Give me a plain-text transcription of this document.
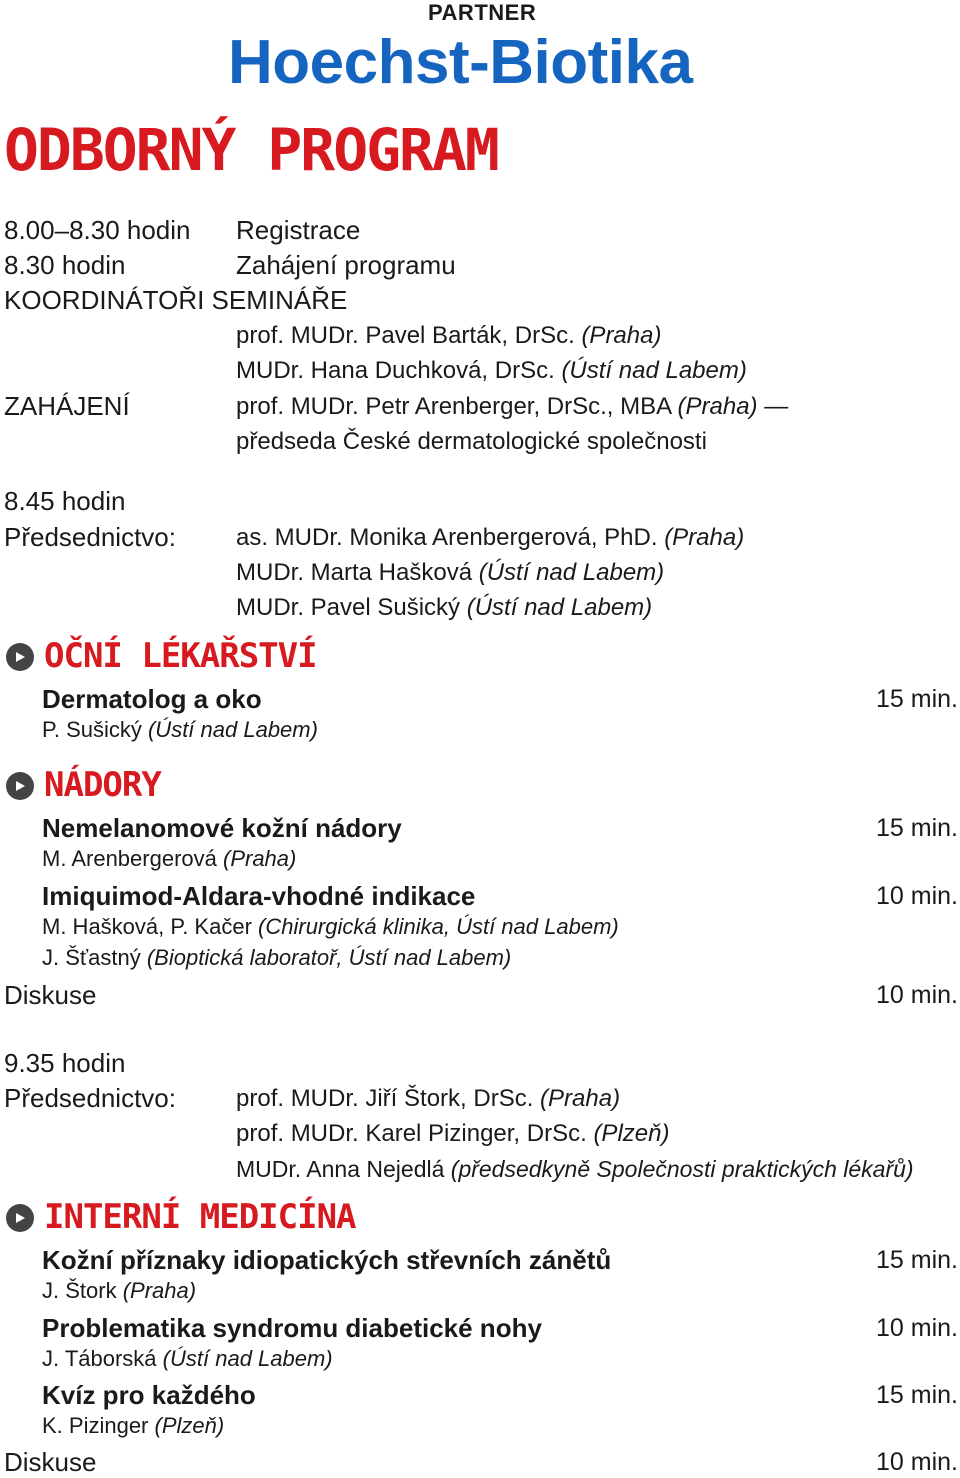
PARTNER
Hoechst-Biotika
ODBORNÝ PROGRAM
8.00–8.30 hodin Registrace
8.30 hodin	Zahájení programu
KOORDINÁTOŘI SEMINÁŘE
prof. MUDr. Pavel Barták, DrSc. (Praha)
MUDr. Hana Duchková, DrSc. (Ústí nad Labem)
ZAHÁJENÍ	prof. MUDr. Petr Arenberger, DrSc., MBA (Praha) —
předseda České dermatologické společnosti
8.45 hodin
Předsednictvo:	as. MUDr. Monika Arenbergerová, PhD. (Praha)
MUDr. Marta Hašková (Ústí nad Labem)
MUDr. Pavel Sušický (Ústí nad Labem)
OČNÍ LÉKAŘSTVÍ
Dermatolog a oko	15 min.
P. Sušický (Ústí nad Labem)
NÁDORY
Nemelanomové kožní nádory	15 min.
M. Arenbergerová (Praha)
Imiquimod-Aldara-vhodné indikace	10 min.
M. Hašková, P. Kačer (Chirurgická klinika, Ústí nad Labem)
J. Šťastný (Bioptická laboratoř, Ústí nad Labem)
Diskuse	10 min.
9.35 hodin
Předsednictvo:	prof. MUDr. Jiří Štork, DrSc. (Praha)
prof. MUDr. Karel Pizinger, DrSc. (Plzeň)
MUDr. Anna Nejedlá (předsedkyně Společnosti praktických lékařů)
INTERNÍ MEDICÍNA
Kožní příznaky idiopatických střevních zánětů	15 min.
J. Štork (Praha)
Problematika syndromu diabetické nohy	10 min.
J. Táborská (Ústí nad Labem)
Kvíz pro každého	15 min.
K. Pizinger (Plzeň)
Diskuse	10 min.
